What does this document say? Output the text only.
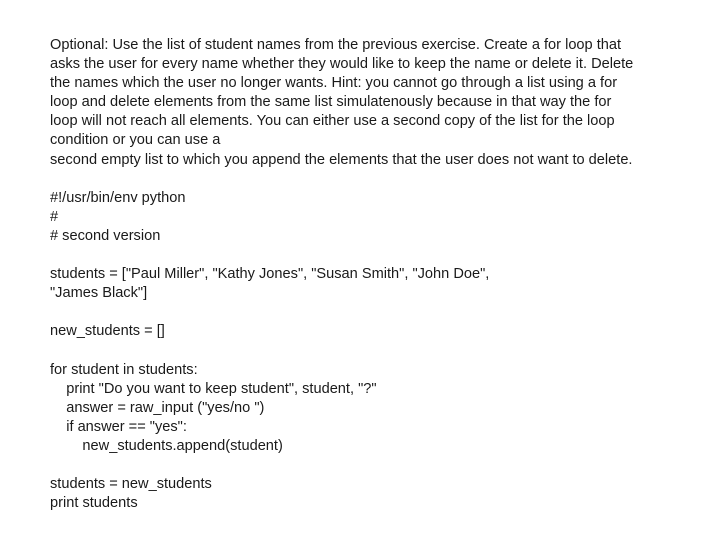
Optional: Use the list of student names from the previous exercise. Create a for loop that
asks the user for every name whether they would like to keep the name or delete it. Delete
the names which the user no longer wants. Hint: you cannot go through a list using a for
loop and delete elements from the same list simulatenously because in that way the for
loop will not reach all elements. You can either use a second copy of the list for the loop
condition or you can use a
second empty list to which you append the elements that the user does not want to delete.
#!/usr/bin/env python
#
# second version
students = ["Paul Miller", "Kathy Jones", "Susan Smith", "John Doe",
"James Black"]
new_students = []
for student in students:
print "Do you want to keep student", student, "?"
answer = raw_input ("yes/no ")
if answer == "yes":
new_students.append(student)
students = new_students
print students
